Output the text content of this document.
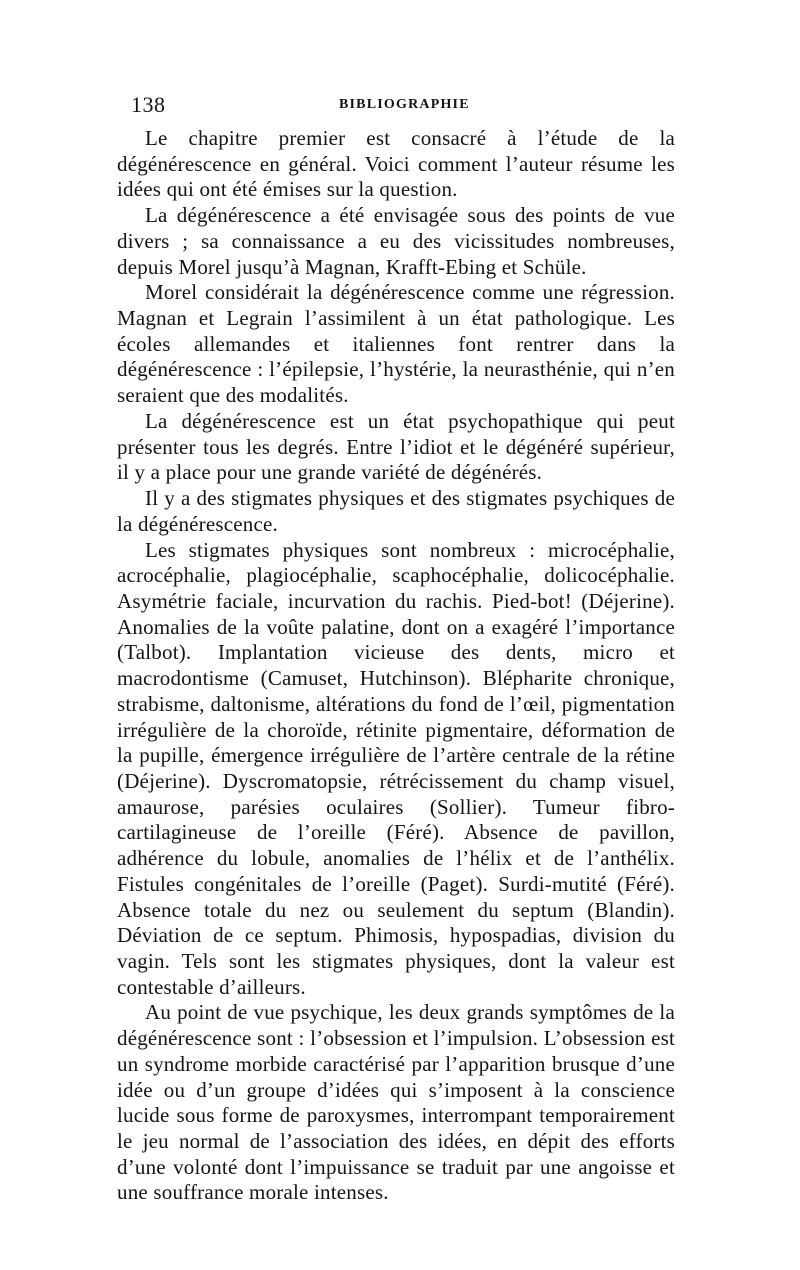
138	BIBLIOGRAPHIE

Le chapitre premier est consacré à l’étude de la dégénérescence en général. Voici comment l’auteur résume les idées qui ont été émises sur la question.

La dégénérescence a été envisagée sous des points de vue divers ; sa connaissance a eu des vicissitudes nombreuses, depuis Morel jusqu’à Magnan, Krafft-Ebing et Schüle.

Morel considérait la dégénérescence comme une régression. Magnan et Legrain l’assimilent à un état pathologique. Les écoles allemandes et italiennes font rentrer dans la dégénérescence : l’épilepsie, l’hystérie, la neurasthénie, qui n’en seraient que des modalités.

La dégénérescence est un état psychopathique qui peut présenter tous les degrés. Entre l’idiot et le dégénéré supérieur, il y a place pour une grande variété de dégénérés.

Il y a des stigmates physiques et des stigmates psychiques de la dégénérescence.

Les stigmates physiques sont nombreux : microcéphalie, acrocéphalie, plagiocéphalie, scaphocéphalie, dolicocéphalie. Asymétrie faciale, incurvation du rachis. Pied-bot! (Déjerine). Anomalies de la voûte palatine, dont on a exagéré l’importance (Talbot). Implantation vicieuse des dents, micro et macrodontisme (Camuset, Hutchinson). Blépharite chronique, strabisme, daltonisme, altérations du fond de l’œil, pigmentation irrégulière de la choroïde, rétinite pigmentaire, déformation de la pupille, émergence irrégulière de l’artère centrale de la rétine (Déjerine). Dyscromatopsie, rétrécissement du champ visuel, amaurose, parésies oculaires (Sollier). Tumeur fibro-cartilagineuse de l’oreille (Féré). Absence de pavillon, adhérence du lobule, anomalies de l’hélix et de l’anthélix. Fistules congénitales de l’oreille (Paget). Surdi-mutité (Féré). Absence totale du nez ou seulement du septum (Blandin). Déviation de ce septum. Phimosis, hypospadias, division du vagin. Tels sont les stigmates physiques, dont la valeur est contestable d’ailleurs.

Au point de vue psychique, les deux grands symptômes de la dégénérescence sont : l’obsession et l’impulsion. L’obsession est un syndrome morbide caractérisé par l’apparition brusque d’une idée ou d’un groupe d’idées qui s’imposent à la conscience lucide sous forme de paroxysmes, interrompant temporairement le jeu normal de l’association des idées, en dépit des efforts d’une volonté dont l’impuissance se traduit par une angoisse et une souffrance morale intenses.
